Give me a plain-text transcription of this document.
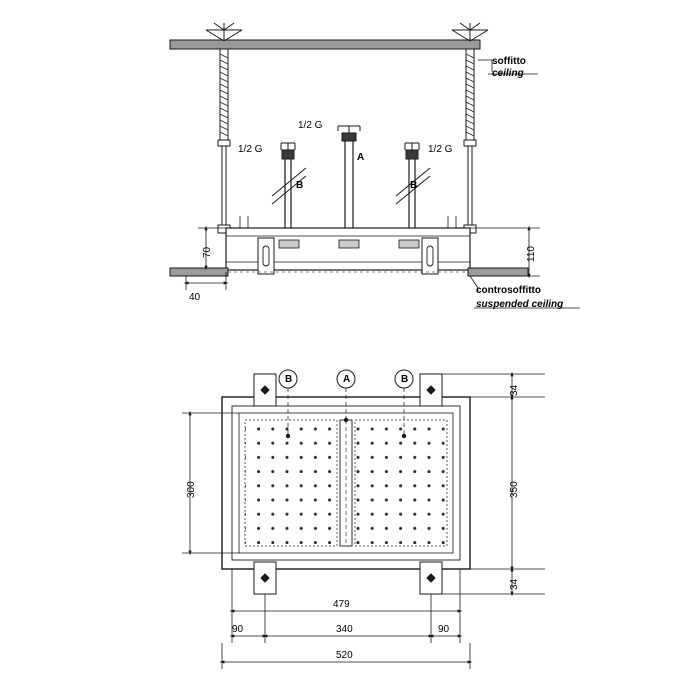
soffitto
ceiling
controsoffitto
suspended ceiling
1/2 G
1/2 G
1/2 G
A
B	B
70	110
40
B	A	B
300	350
34
34
479
340
90	90
520
